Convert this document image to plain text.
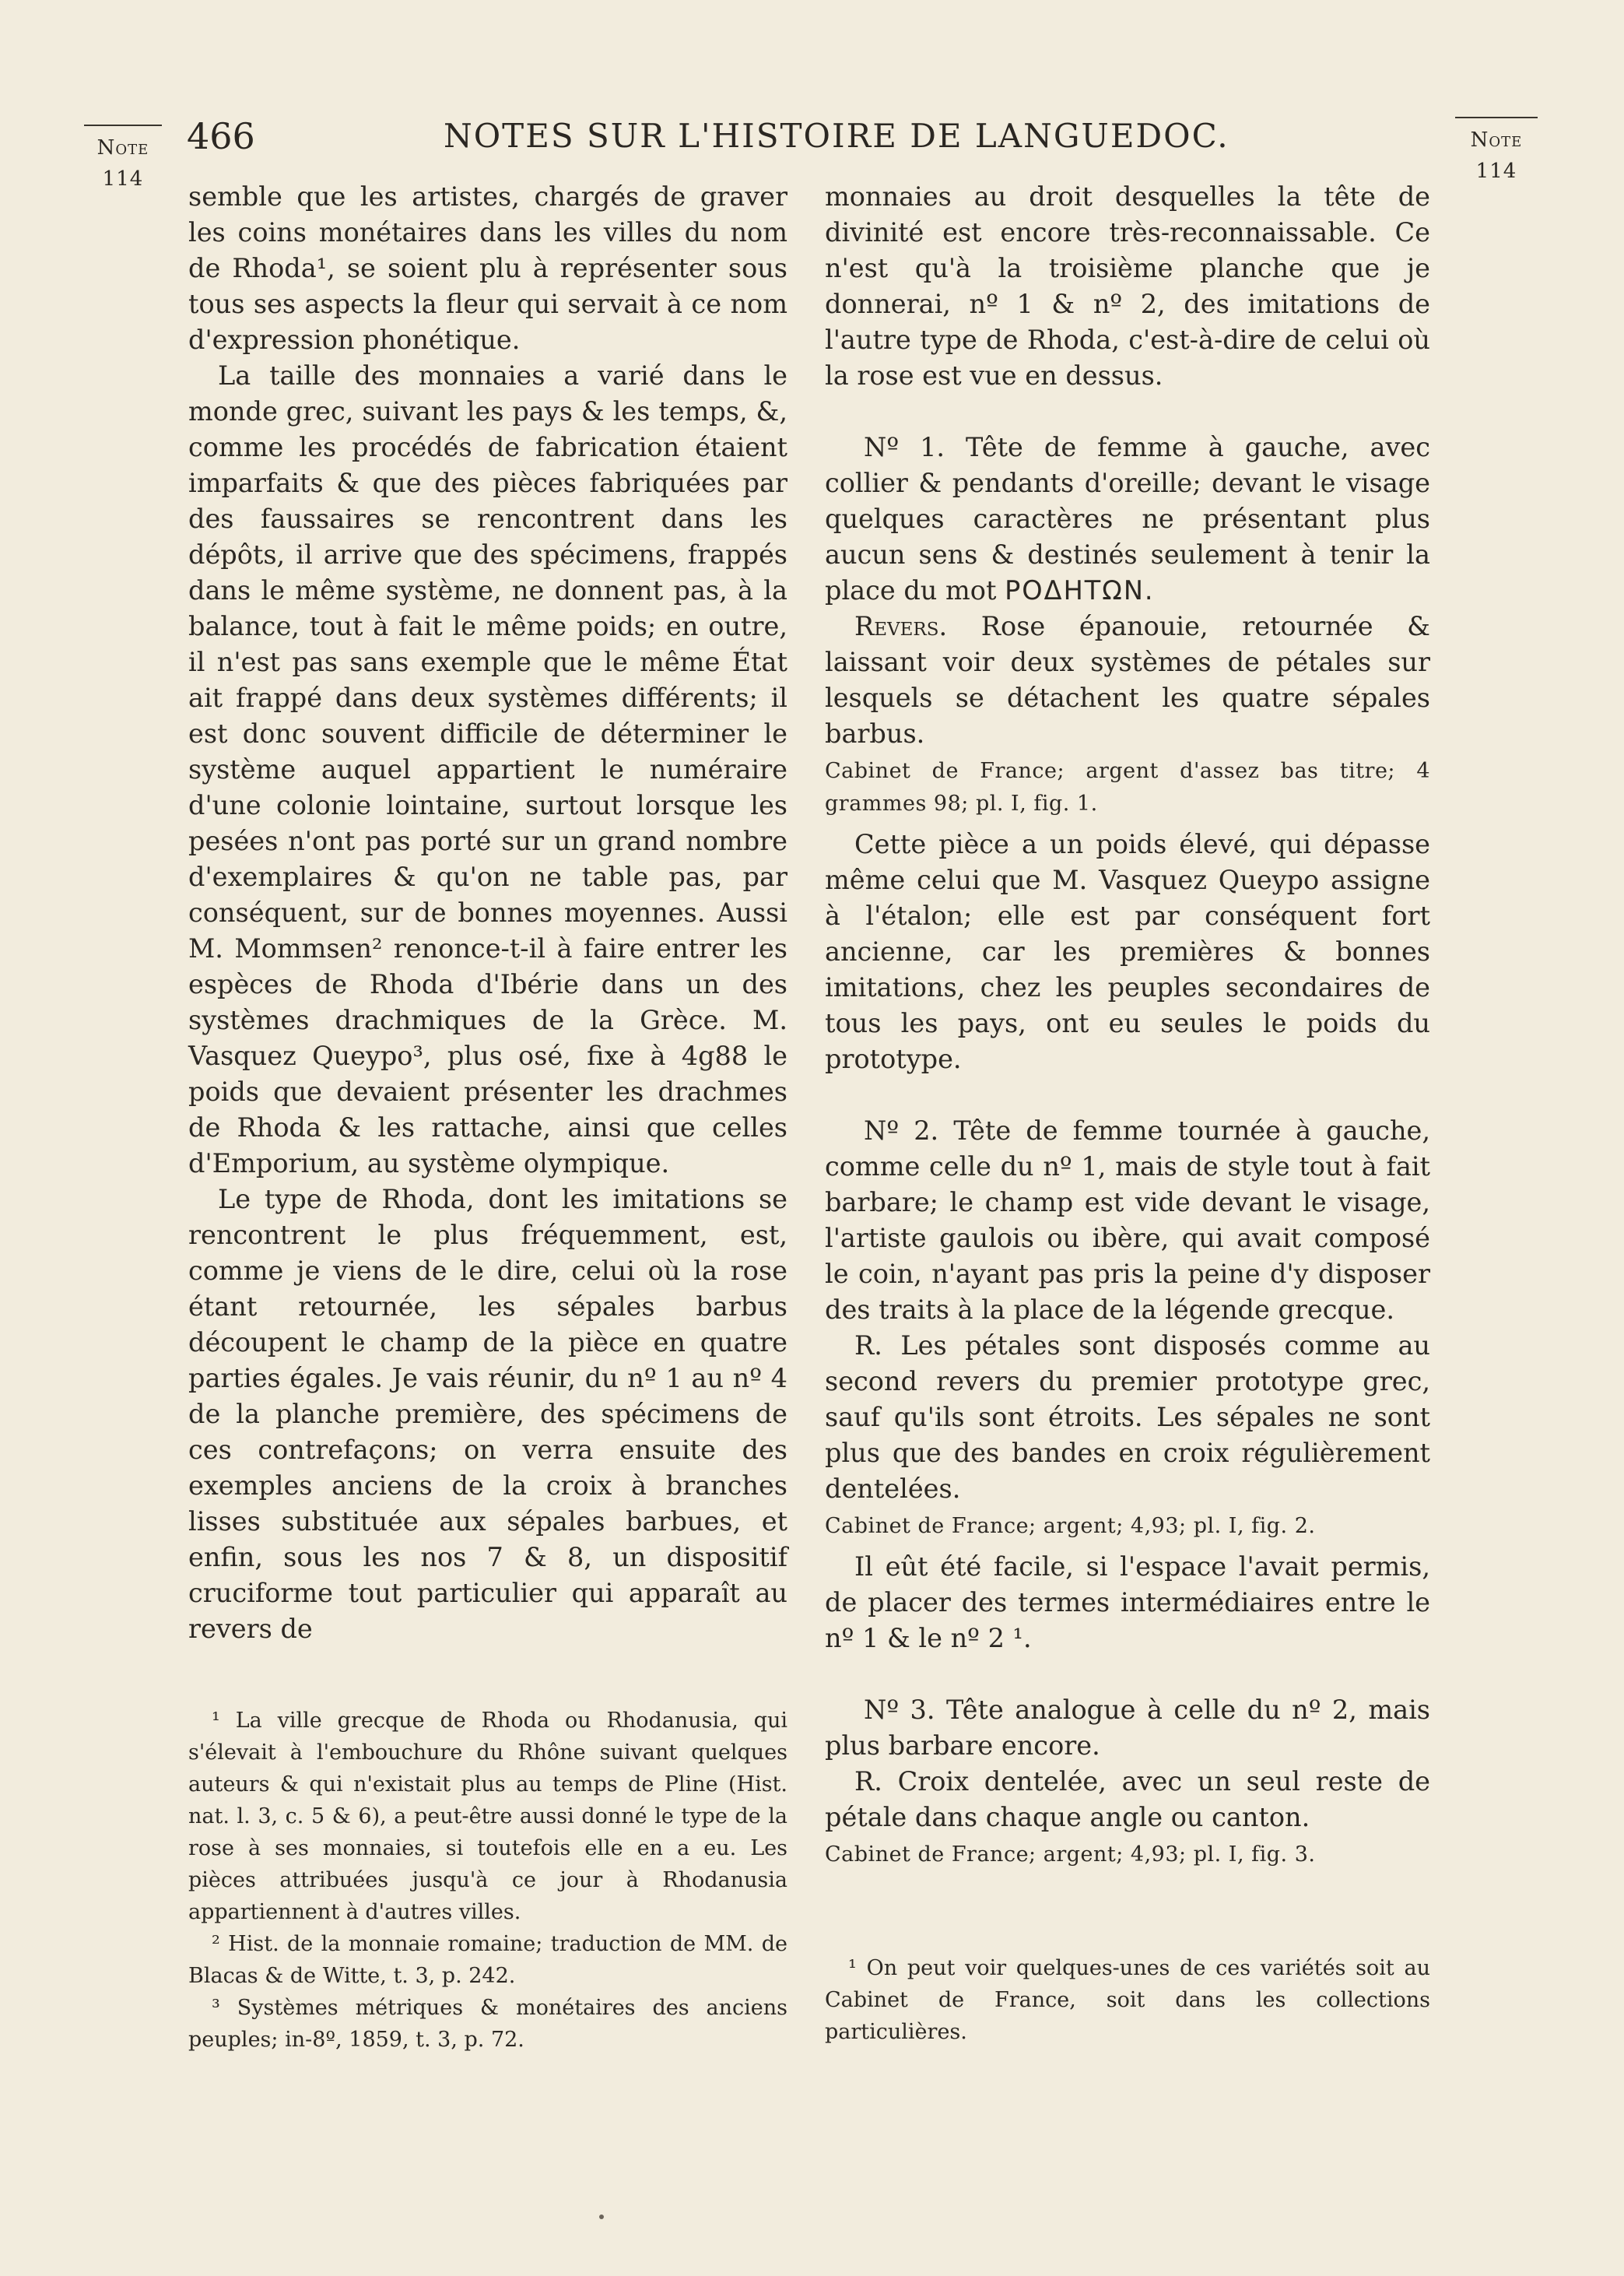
Note
114
Note
114
466	NOTES SUR L'HISTOIRE DE LANGUEDOC.

semble que les artistes, chargés de graver les coins monétaires dans les villes du nom de Rhoda¹, se soient plu à représenter sous tous ses aspects la fleur qui servait à ce nom d'expression phonétique.

La taille des monnaies a varié dans le monde grec, suivant les pays & les temps, &, comme les procédés de fabrication étaient imparfaits & que des pièces fabriquées par des faussaires se rencontrent dans les dépôts, il arrive que des spécimens, frappés dans le même système, ne donnent pas, à la balance, tout à fait le même poids; en outre, il n'est pas sans exemple que le même État ait frappé dans deux systèmes différents; il est donc souvent difficile de déterminer le système auquel appartient le numéraire d'une colonie lointaine, surtout lorsque les pesées n'ont pas porté sur un grand nombre d'exemplaires & qu'on ne table pas, par conséquent, sur de bonnes moyennes. Aussi M. Mommsen² renonce-t-il à faire entrer les espèces de Rhoda d'Ibérie dans un des systèmes drachmiques de la Grèce. M. Vasquez Queypo³, plus osé, fixe à 4g88 le poids que devaient présenter les drachmes de Rhoda & les rattache, ainsi que celles d'Emporium, au système olympique.

Le type de Rhoda, dont les imitations se rencontrent le plus fréquemment, est, comme je viens de le dire, celui où la rose étant retournée, les sépales barbus découpent le champ de la pièce en quatre parties égales. Je vais réunir, du nº 1 au nº 4 de la planche première, des spécimens de ces contrefaçons; on verra ensuite des exemples anciens de la croix à branches lisses substituée aux sépales barbues, et enfin, sous les nos 7 & 8, un dispositif cruciforme tout particulier qui apparaît au revers de

¹ La ville grecque de Rhoda ou Rhodanusia, qui s'élevait à l'embouchure du Rhône suivant quelques auteurs & qui n'existait plus au temps de Pline (Hist. nat. l. 3, c. 5 & 6), a peut-être aussi donné le type de la rose à ses monnaies, si toutefois elle en a eu. Les pièces attribuées jusqu'à ce jour à Rhodanusia appartiennent à d'autres villes.

² Hist. de la monnaie romaine; traduction de MM. de Blacas & de Witte, t. 3, p. 242.

³ Systèmes métriques & monétaires des anciens peuples; in-8º, 1859, t. 3, p. 72.

monnaies au droit desquelles la tête de divinité est encore très-reconnaissable. Ce n'est qu'à la troisième planche que je donnerai, nº 1 & nº 2, des imitations de l'autre type de Rhoda, c'est-à-dire de celui où la rose est vue en dessus.

Nº 1. Tête de femme à gauche, avec collier & pendants d'oreille; devant le visage quelques caractères ne présentant plus aucun sens & destinés seulement à tenir la place du mot ΡΟΔΗΤΩΝ.

Revers. Rose épanouie, retournée & laissant voir deux systèmes de pétales sur lesquels se détachent les quatre sépales barbus.

Cabinet de France; argent d'assez bas titre; 4 grammes 98; pl. I, fig. 1.

Cette pièce a un poids élevé, qui dépasse même celui que M. Vasquez Queypo assigne à l'étalon; elle est par conséquent fort ancienne, car les premières & bonnes imitations, chez les peuples secondaires de tous les pays, ont eu seules le poids du prototype.

Nº 2. Tête de femme tournée à gauche, comme celle du nº 1, mais de style tout à fait barbare; le champ est vide devant le visage, l'artiste gaulois ou ibère, qui avait composé le coin, n'ayant pas pris la peine d'y disposer des traits à la place de la légende grecque.

R. Les pétales sont disposés comme au second revers du premier prototype grec, sauf qu'ils sont étroits. Les sépales ne sont plus que des bandes en croix régulièrement dentelées.

Cabinet de France; argent; 4,93; pl. I, fig. 2.

Il eût été facile, si l'espace l'avait permis, de placer des termes intermédiaires entre le nº 1 & le nº 2 ¹.

Nº 3. Tête analogue à celle du nº 2, mais plus barbare encore.

R. Croix dentelée, avec un seul reste de pétale dans chaque angle ou canton.

Cabinet de France; argent; 4,93; pl. I, fig. 3.

¹ On peut voir quelques-unes de ces variétés soit au Cabinet de France, soit dans les collections particulières.
